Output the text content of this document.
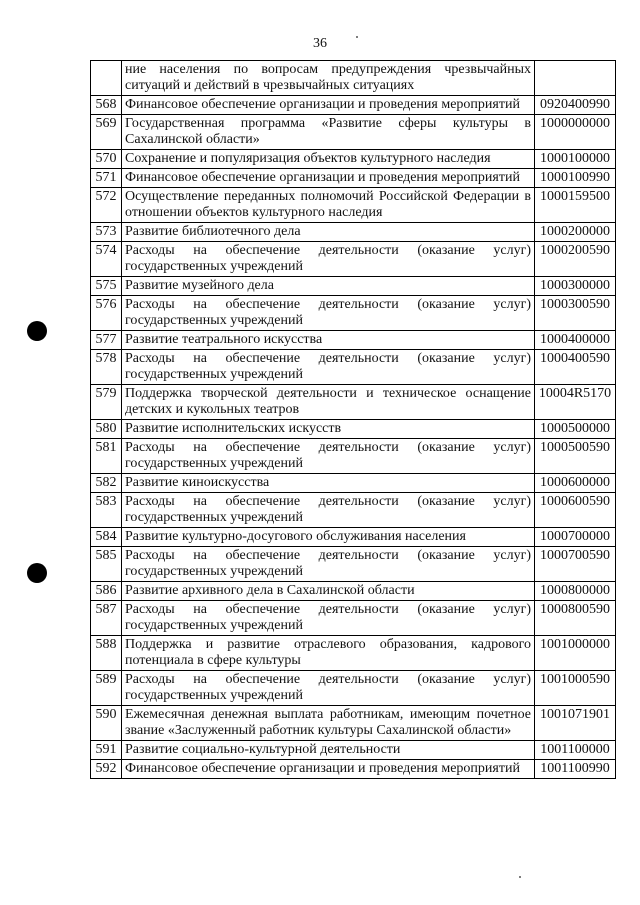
36
	ние населения по вопросам предупреждения чрезвычайных ситуаций и действий в чрезвычайных ситуациях	
568	Финансовое обеспечение организации и проведения мероприятий	0920400990
569	Государственная программа «Развитие сферы культуры в Сахалинской области»	1000000000
570	Сохранение и популяризация объектов культурного наследия	1000100000
571	Финансовое обеспечение организации и проведения мероприятий	1000100990
572	Осуществление переданных полномочий Российской Федерации в отношении объектов культурного наследия	1000159500
573	Развитие библиотечного дела	1000200000
574	Расходы на обеспечение деятельности (оказание услуг) государственных учреждений	1000200590
575	Развитие музейного дела	1000300000
576	Расходы на обеспечение деятельности (оказание услуг) государственных учреждений	1000300590
577	Развитие театрального искусства	1000400000
578	Расходы на обеспечение деятельности (оказание услуг) государственных учреждений	1000400590
579	Поддержка творческой деятельности и техническое оснащение детских и кукольных театров	10004R5170
580	Развитие исполнительских искусств	1000500000
581	Расходы на обеспечение деятельности (оказание услуг) государственных учреждений	1000500590
582	Развитие киноискусства	1000600000
583	Расходы на обеспечение деятельности (оказание услуг) государственных учреждений	1000600590
584	Развитие культурно-досугового обслуживания населения	1000700000
585	Расходы на обеспечение деятельности (оказание услуг) государственных учреждений	1000700590
586	Развитие архивного дела в Сахалинской области	1000800000
587	Расходы на обеспечение деятельности (оказание услуг) государственных учреждений	1000800590
588	Поддержка и развитие отраслевого образования, кадрового потенциала в сфере культуры	1001000000
589	Расходы на обеспечение деятельности (оказание услуг) государственных учреждений	1001000590
590	Ежемесячная денежная выплата работникам, имеющим почетное звание «Заслуженный работник культуры Сахалинской области»	1001071901
591	Развитие социально-культурной деятельности	1001100000
592	Финансовое обеспечение организации и проведения мероприятий	1001100990
